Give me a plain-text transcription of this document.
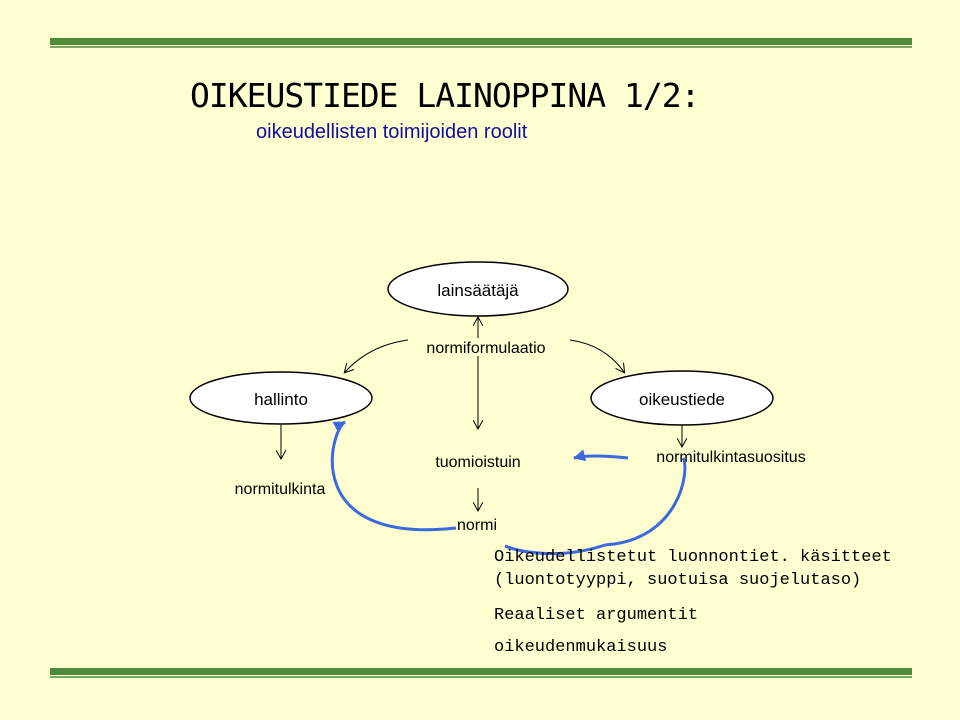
OIKEUSTIEDE LAINOPPINA 1/2:
oikeudellisten toimijoiden roolit
lainsäätäjä
hallinto	oikeustiede
normiformulaatio
normitulkinta
tuomioistuin	normitulkintasuositus
normi
Oikeudellistetut luonnontiet. käsitteet
(luontotyyppi, suotuisa suojelutaso)
Reaaliset argumentit
oikeudenmukaisuus
